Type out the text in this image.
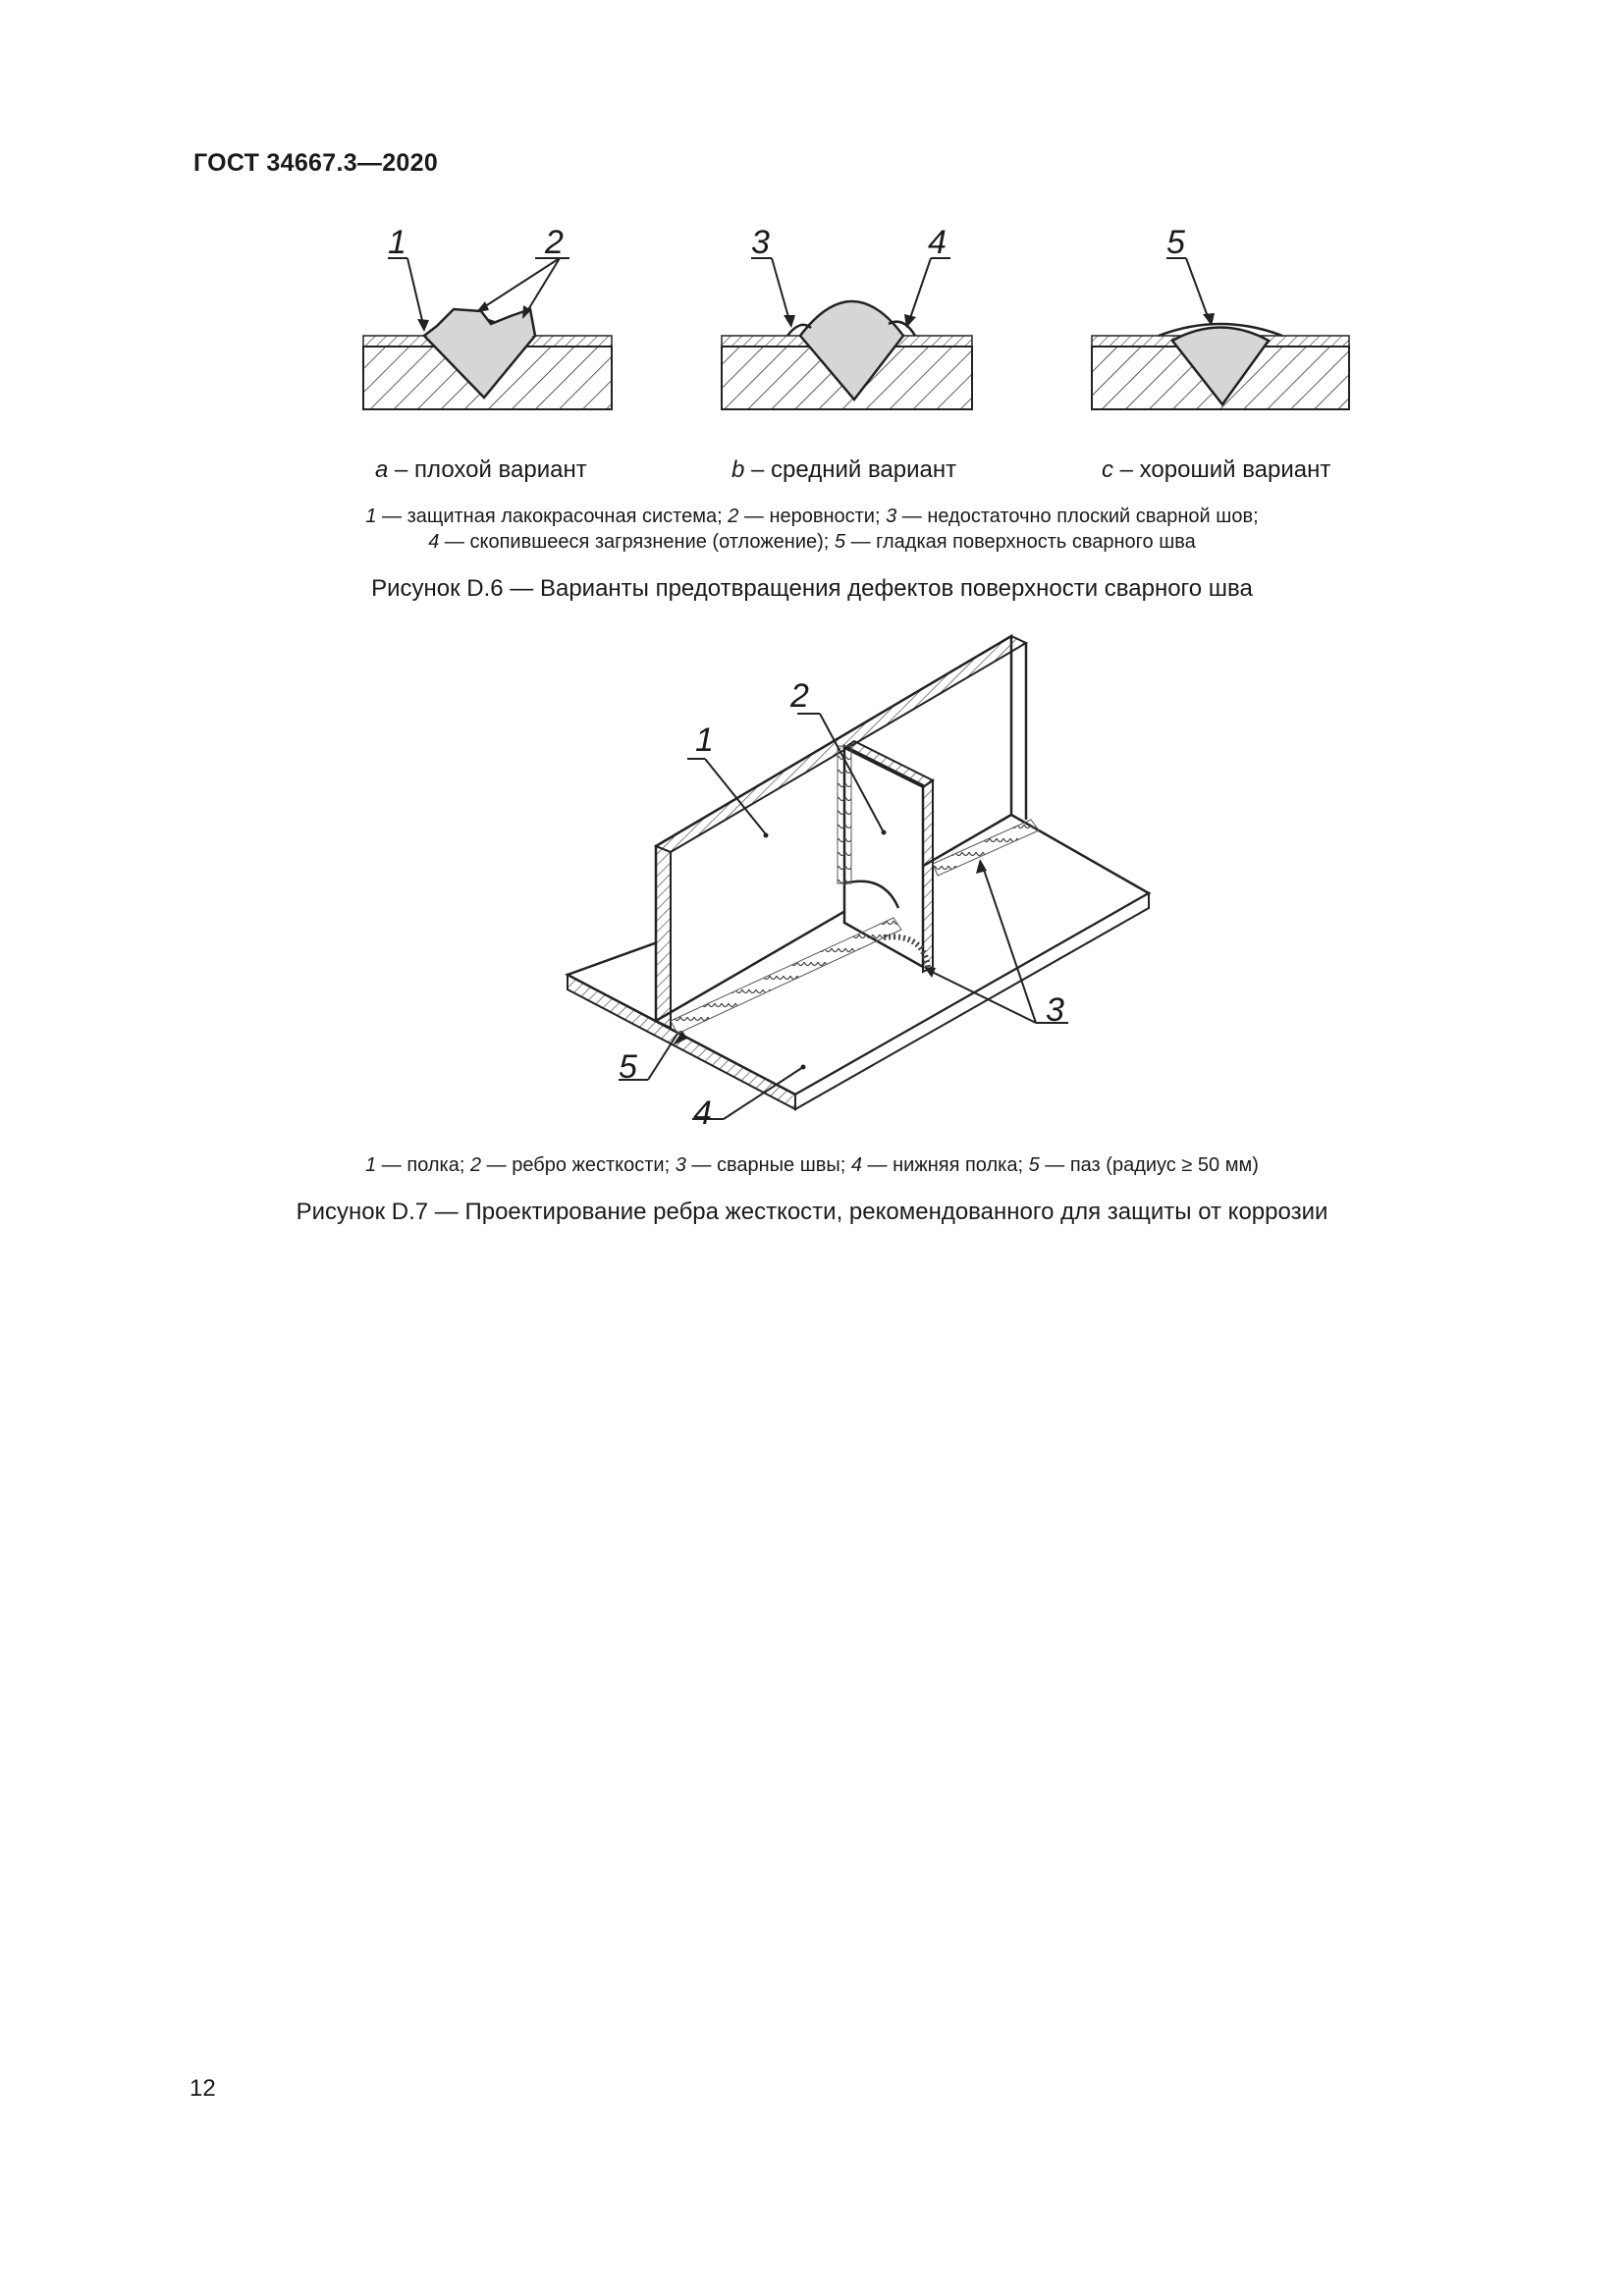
ГОСТ 34667.3—2020
1	2	3	4	5
a – плохой вариант	b – средний вариант	c – хороший вариант
1 — защитная лакокрасочная система; 2 — неровности; 3 — недостаточно плоский сварной шов;
4 — скопившееся загрязнение (отложение); 5 — гладкая поверхность сварного шва
Рисунок D.6 — Варианты предотвращения дефектов поверхности сварного шва
1
2
3
4
5
1 — полка; 2 — ребро жесткости; 3 — сварные швы; 4 — нижняя полка; 5 — паз (радиус ≥ 50 мм)
Рисунок D.7 — Проектирование ребра жесткости, рекомендованного для защиты от коррозии
12
